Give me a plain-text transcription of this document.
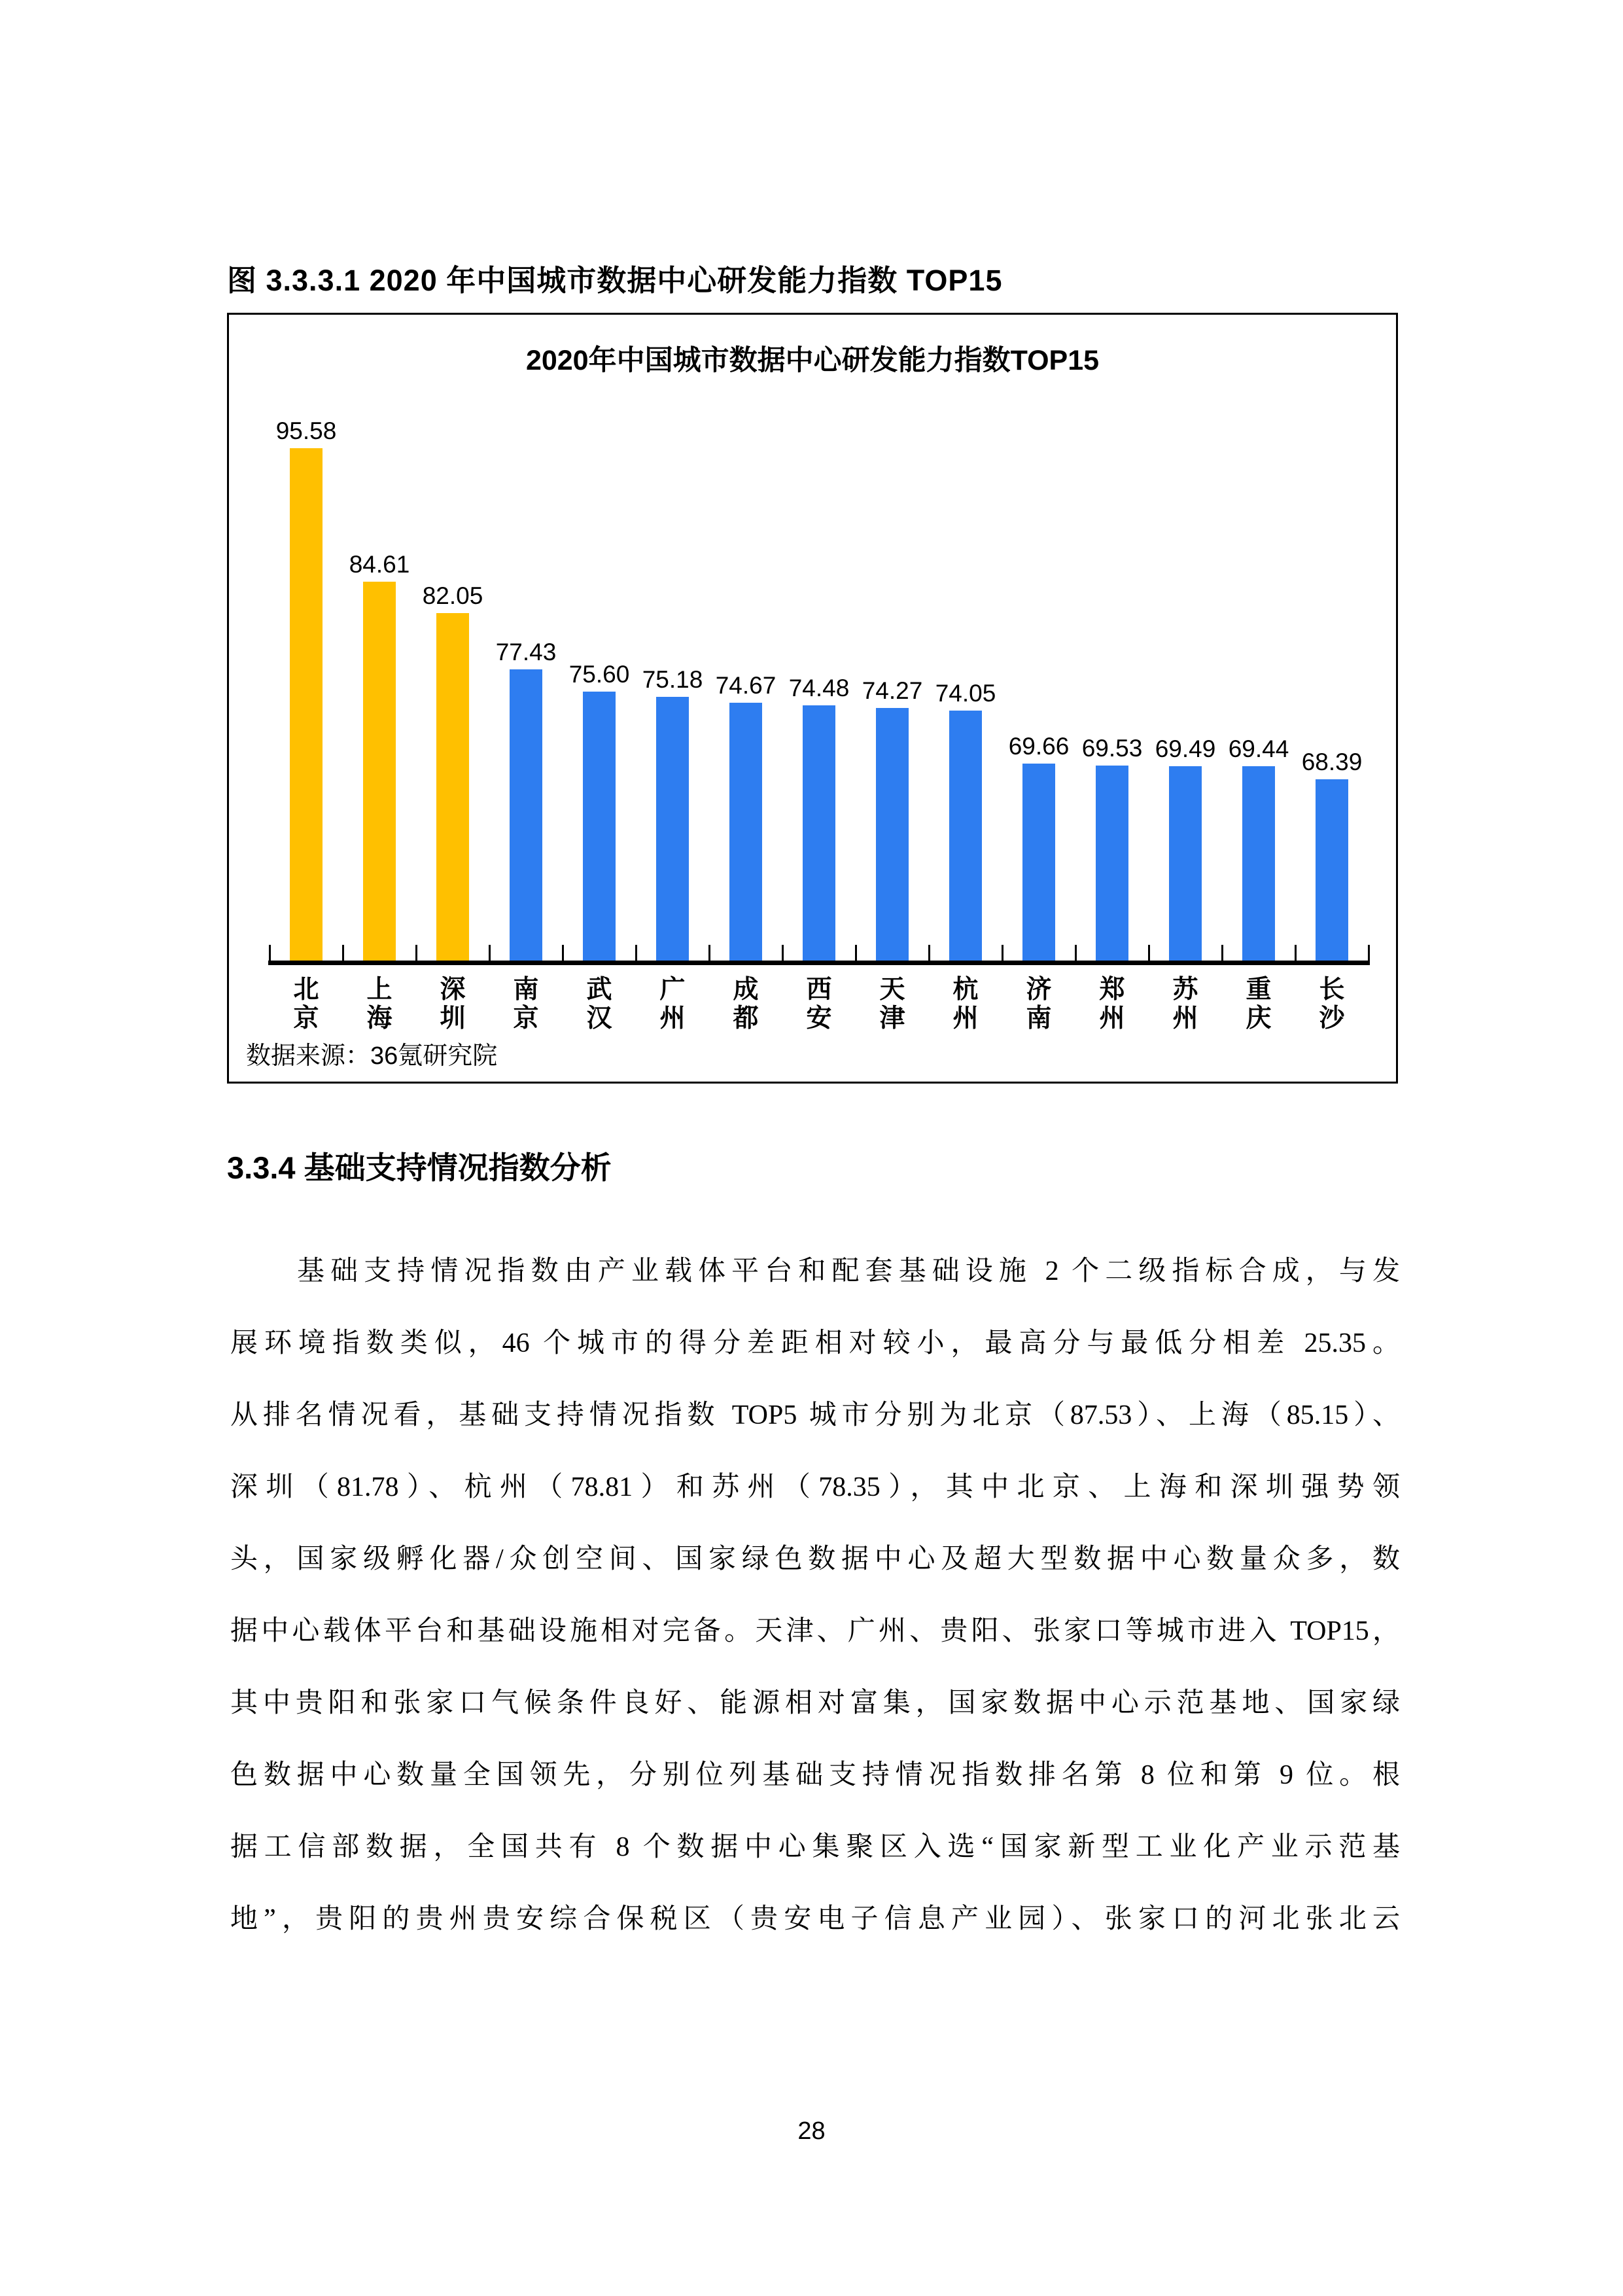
图 3.3.3.1 2020 年中国城市数据中心研发能力指数 TOP15
2020年中国城市数据中心研发能力指数TOP15
95.58
84.61
82.05
77.43
75.60 75.18 74.67 74.48 74.27 74.05
69.66 69.53 69.49 69.44 68.39
北
京
上
海
深
圳
南
京
武
汉
广
州
成
都
西
安
天
津
杭
州
济
南
郑
州
苏
州
重
庆
长
沙
数据来源：36氪研究院
3.3.4 基础支持情况指数分析
基础支持情况指数由产业载体平台和配套基础设施 2 个二级指标合成，与发
展环境指数类似，46 个城市的得分差距相对较小，最高分与最低分相差 25.35。
从排名情况看，基础支持情况指数 TOP5 城市分别为北京（87.53）、上海（85.15）、
深圳（81.78）、杭州（78.81）和苏州（78.35），其中北京、上海和深圳强势领
头，国家级孵化器/众创空间、国家绿色数据中心及超大型数据中心数量众多，数
据中心载体平台和基础设施相对完备。天津、广州、贵阳、张家口等城市进入 TOP15，
其中贵阳和张家口气候条件良好、能源相对富集，国家数据中心示范基地、国家绿
色数据中心数量全国领先，分别位列基础支持情况指数排名第 8 位和第 9 位。根
据工信部数据，全国共有 8 个数据中心集聚区入选“国家新型工业化产业示范基
地”，贵阳的贵州贵安综合保税区（贵安电子信息产业园）、张家口的河北张北云
28
